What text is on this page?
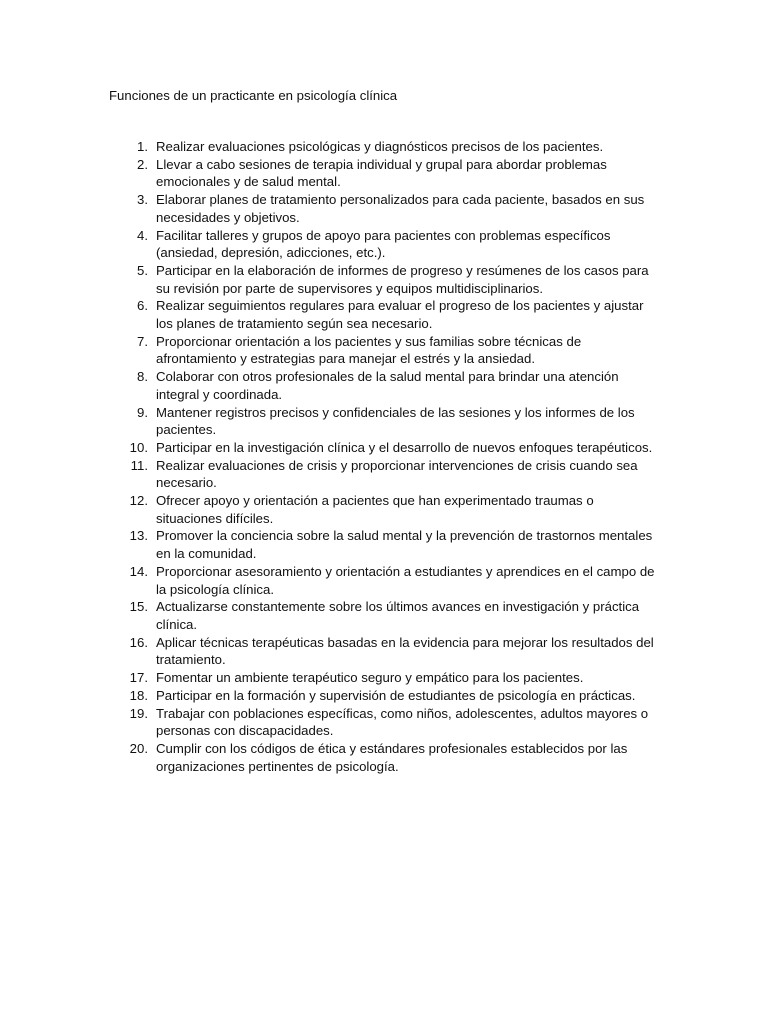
Funciones de un practicante en psicología clínica
1. Realizar evaluaciones psicológicas y diagnósticos precisos de los pacientes.
2. Llevar a cabo sesiones de terapia individual y grupal para abordar problemas emocionales y de salud mental.
3. Elaborar planes de tratamiento personalizados para cada paciente, basados en sus necesidades y objetivos.
4. Facilitar talleres y grupos de apoyo para pacientes con problemas específicos (ansiedad, depresión, adicciones, etc.).
5. Participar en la elaboración de informes de progreso y resúmenes de los casos para su revisión por parte de supervisores y equipos multidisciplinarios.
6. Realizar seguimientos regulares para evaluar el progreso de los pacientes y ajustar los planes de tratamiento según sea necesario.
7. Proporcionar orientación a los pacientes y sus familias sobre técnicas de afrontamiento y estrategias para manejar el estrés y la ansiedad.
8. Colaborar con otros profesionales de la salud mental para brindar una atención integral y coordinada.
9. Mantener registros precisos y confidenciales de las sesiones y los informes de los pacientes.
10. Participar en la investigación clínica y el desarrollo de nuevos enfoques terapéuticos.
11. Realizar evaluaciones de crisis y proporcionar intervenciones de crisis cuando sea necesario.
12. Ofrecer apoyo y orientación a pacientes que han experimentado traumas o situaciones difíciles.
13. Promover la conciencia sobre la salud mental y la prevención de trastornos mentales en la comunidad.
14. Proporcionar asesoramiento y orientación a estudiantes y aprendices en el campo de la psicología clínica.
15. Actualizarse constantemente sobre los últimos avances en investigación y práctica clínica.
16. Aplicar técnicas terapéuticas basadas en la evidencia para mejorar los resultados del tratamiento.
17. Fomentar un ambiente terapéutico seguro y empático para los pacientes.
18. Participar en la formación y supervisión de estudiantes de psicología en prácticas.
19. Trabajar con poblaciones específicas, como niños, adolescentes, adultos mayores o personas con discapacidades.
20. Cumplir con los códigos de ética y estándares profesionales establecidos por las organizaciones pertinentes de psicología.
